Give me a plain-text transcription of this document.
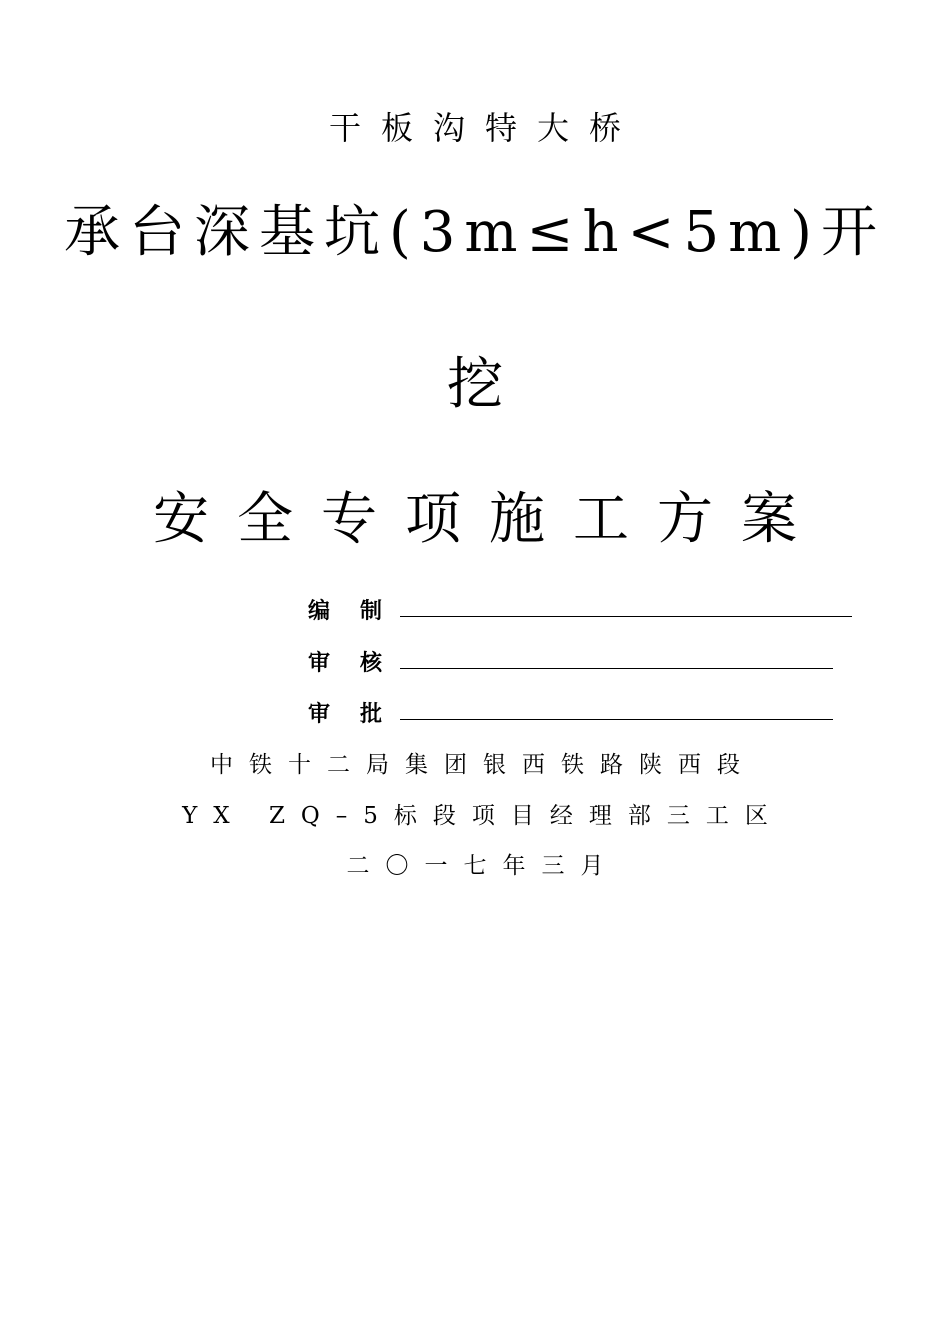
干板沟特大桥
承台深基坑(3m≤h<5m)开
挖
安全专项施工方案
编制
审核
审批
中铁十二局集团银西铁路陕西段
YX ZQ–5标段项目经理部三工区
二〇一七年三月
